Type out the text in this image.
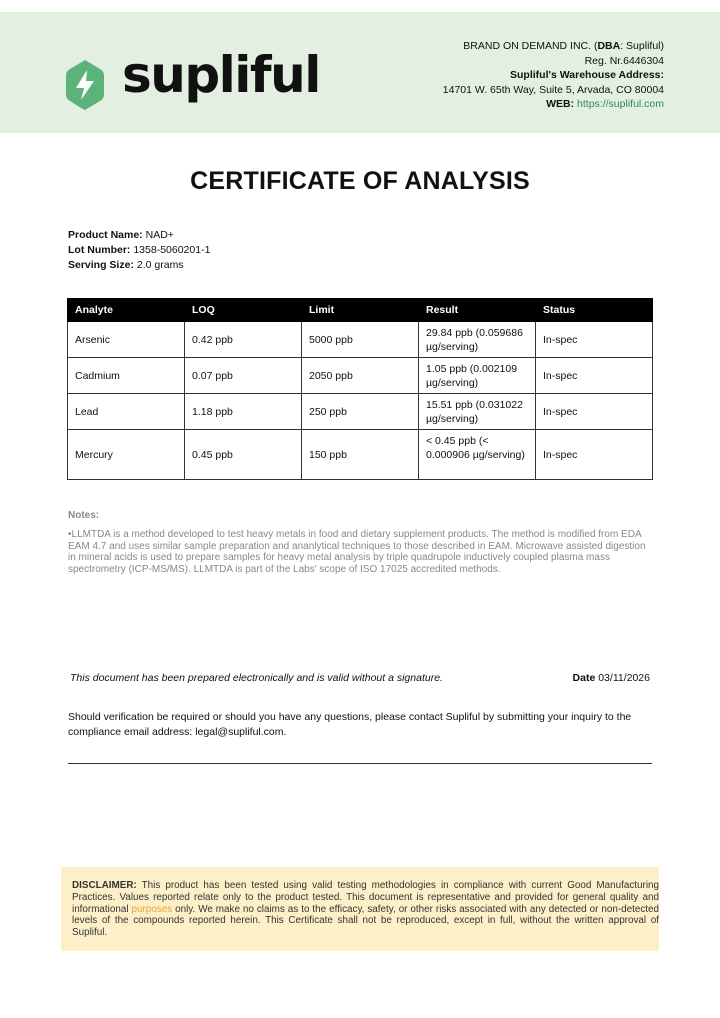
supliful	BRAND ON DEMAND INC. (DBA: Supliful)
Reg. Nr.6446304
Supliful's Warehouse Address:
14701 W. 65th Way, Suite 5, Arvada, CO 80004
WEB: https://supliful.com
CERTIFICATE OF ANALYSIS
Product Name: NAD+
Lot Number: 1358-5060201-1
Serving Size: 2.0 grams
Analyte	LOQ	Limit	Result	Status
Arsenic	0.42 ppb	5000 ppb	29.84 ppb (0.059686 µg/serving)	In-spec
Cadmium	0.07 ppb	2050 ppb	1.05 ppb (0.002109 µg/serving)	In-spec
Lead	1.18 ppb	250 ppb	15.51 ppb (0.031022 µg/serving)	In-spec
Mercury	0.45 ppb	150 ppb	< 0.45 ppb (< 0.000906 µg/serving)	In-spec
Notes:
•LLMTDA is a method developed to test heavy metals in food and dietary supplement products. The method is modified from EDA EAM 4.7 and uses similar sample preparation and ananlytical techniques to those described in EAM. Microwave assisted digestion in mineral acids is used to prepare samples for heavy metal analysis by triple quadrupole inductively coupled plasma mass spectrometry (ICP-MS/MS). LLMTDA is part of the Labs' scope of ISO 17025 accredited methods.
This document has been prepared electronically and is valid without a signature.	Date 03/11/2026
Should verification be required or should you have any questions, please contact Supliful by submitting your inquiry to the compliance email address: legal@supliful.com.

DISCLAIMER: This product has been tested using valid testing methodologies in compliance with current Good Manufacturing Practices. Values reported relate only to the product tested. This document is representative and provided for general quality and informational purposes only. We make no claims as to the efficacy, safety, or other risks associated with any detected or non-detected levels of the compounds reported herein. This Certificate shall not be reproduced, except in full, without the written approval of Supliful.
